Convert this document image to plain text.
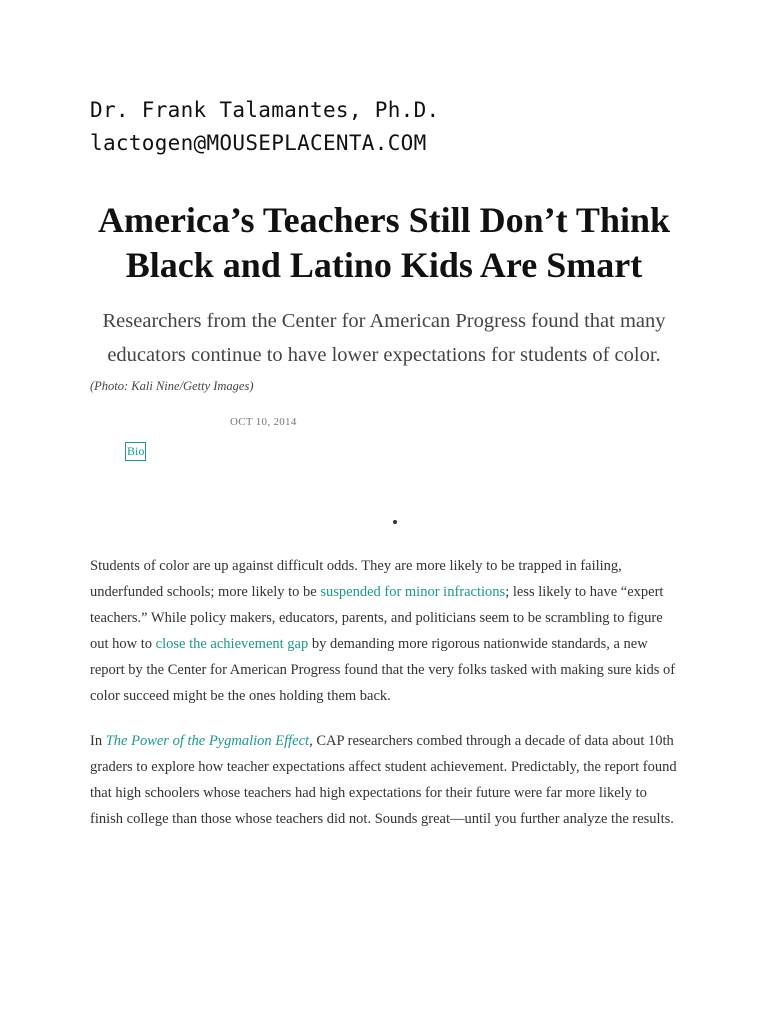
Dr. Frank Talamantes, Ph.D.
lactogen@MOUSEPLACENTA.COM
America’s Teachers Still Don’t Think Black and Latino Kids Are Smart

Researchers from the Center for American Progress found that many educators continue to have lower expectations for students of color.

(Photo: Kali Nine/Getty Images)
OCT 10, 2014
Bio

Students of color are up against difficult odds. They are more likely to be trapped in failing, underfunded schools; more likely to be suspended for minor infractions; less likely to have “expert teachers.” While policy makers, educators, parents, and politicians seem to be scrambling to figure out how to close the achievement gap by demanding more rigorous nationwide standards, a new report by the Center for American Progress found that the very folks tasked with making sure kids of color succeed might be the ones holding them back.

In The Power of the Pygmalion Effect, CAP researchers combed through a decade of data about 10th graders to explore how teacher expectations affect student achievement. Predictably, the report found that high schoolers whose teachers had high expectations for their future were far more likely to finish college than those whose teachers did not. Sounds great—until you further analyze the results.
